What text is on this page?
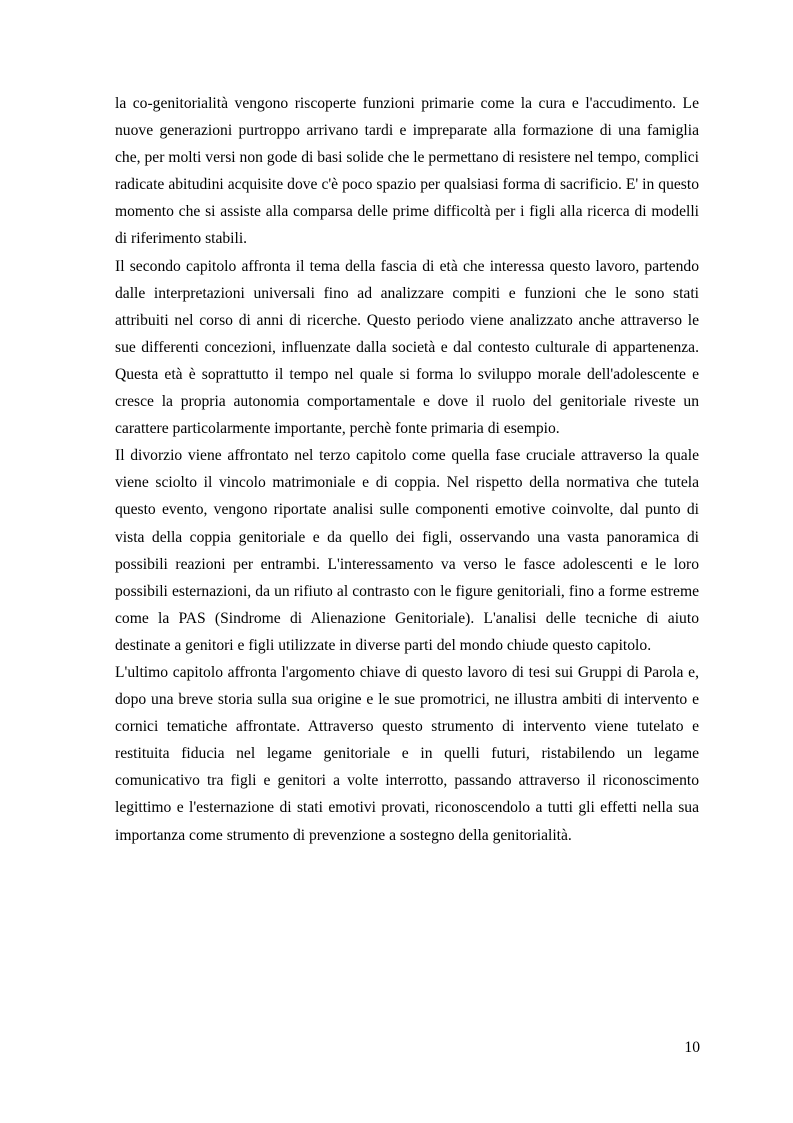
la co-genitorialità vengono riscoperte funzioni primarie come la cura e l'accudimento. Le nuove generazioni purtroppo arrivano tardi e impreparate alla formazione di una famiglia che, per molti versi non gode di basi solide che le permettano di resistere nel tempo, complici radicate abitudini acquisite dove c'è poco spazio per qualsiasi forma di sacrificio. E' in questo momento che si assiste alla comparsa delle prime difficoltà per i figli alla ricerca di modelli di riferimento stabili.

Il secondo capitolo affronta il tema della fascia di età che interessa questo lavoro, partendo dalle interpretazioni universali fino ad analizzare compiti e funzioni che le sono stati attribuiti nel corso di anni di ricerche. Questo periodo viene analizzato anche attraverso le sue differenti concezioni, influenzate dalla società e dal contesto culturale di appartenenza. Questa età è soprattutto il tempo nel quale si forma lo sviluppo morale dell'adolescente e cresce la propria autonomia comportamentale e dove il ruolo del genitoriale riveste un carattere particolarmente importante, perchè fonte primaria di esempio.

Il divorzio viene affrontato nel terzo capitolo come quella fase cruciale attraverso la quale viene sciolto il vincolo matrimoniale e di coppia. Nel rispetto della normativa che tutela questo evento, vengono riportate analisi sulle componenti emotive coinvolte, dal punto di vista della coppia genitoriale e da quello dei figli, osservando una vasta panoramica di possibili reazioni per entrambi. L'interessamento va verso le fasce adolescenti e le loro possibili esternazioni, da un rifiuto al contrasto con le figure genitoriali, fino a forme estreme come la PAS (Sindrome di Alienazione Genitoriale). L'analisi delle tecniche di aiuto destinate a genitori e figli utilizzate in diverse parti del mondo chiude questo capitolo.

L'ultimo capitolo affronta l'argomento chiave di questo lavoro di tesi sui Gruppi di Parola e, dopo una breve storia sulla sua origine e le sue promotrici, ne illustra ambiti di intervento e cornici tematiche affrontate. Attraverso questo strumento di intervento viene tutelato e restituita fiducia nel legame genitoriale e in quelli futuri, ristabilendo un legame comunicativo tra figli e genitori a volte interrotto, passando attraverso il riconoscimento legittimo e l'esternazione di stati emotivi provati, riconoscendolo a tutti gli effetti nella sua importanza come strumento di prevenzione a sostegno della genitorialità.

10
